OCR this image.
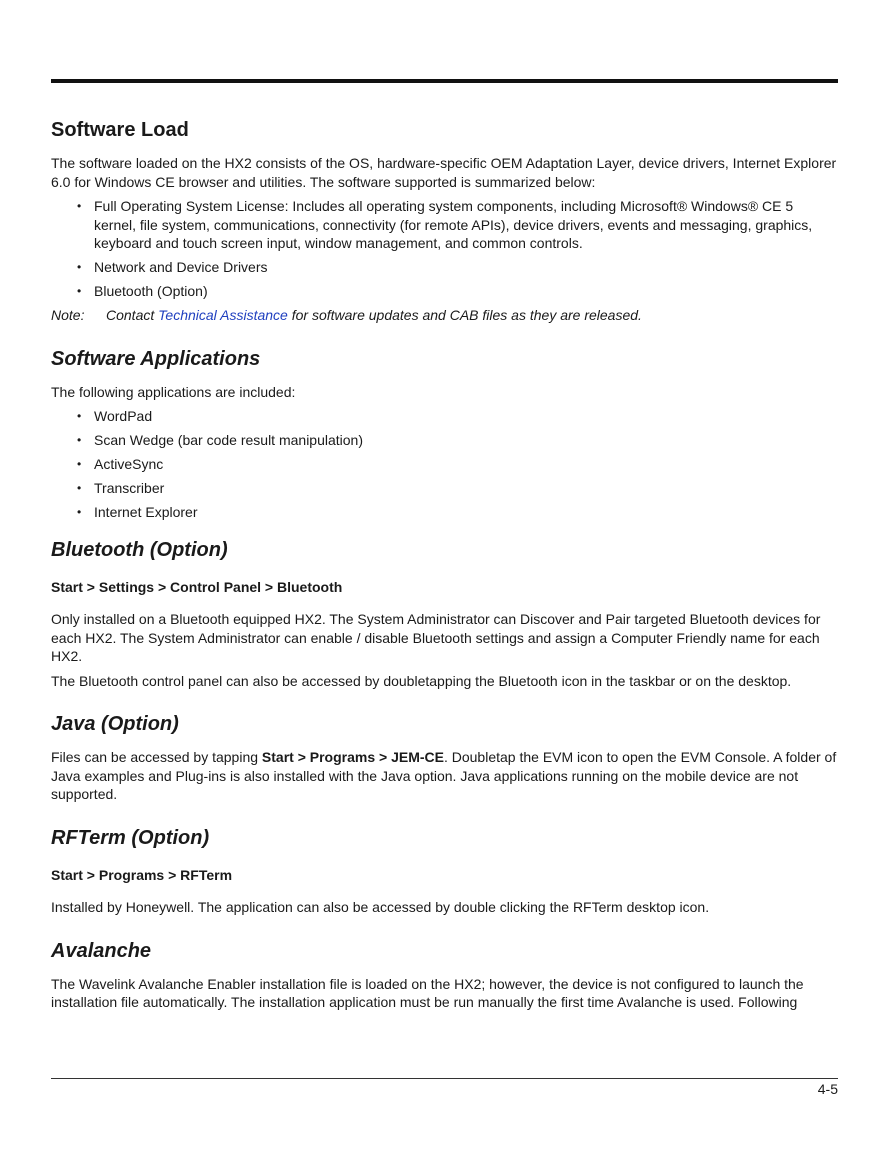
Software Load

The software loaded on the HX2 consists of the OS, hardware-specific OEM Adaptation Layer, device drivers, Internet Explorer 6.0 for Windows CE browser and utilities. The software supported is summarized below:

• Full Operating System License: Includes all operating system components, including Microsoft® Windows® CE 5 kernel, file system, communications, connectivity (for remote APIs), device drivers, events and messaging, graphics, keyboard and touch screen input, window management, and common controls.
• Network and Device Drivers
• Bluetooth (Option)
Note: Contact Technical Assistance for software updates and CAB files as they are released.
Software Applications

The following applications are included:

• WordPad
• Scan Wedge (bar code result manipulation)
• ActiveSync
• Transcriber
• Internet Explorer
Bluetooth (Option)

Start > Settings > Control Panel > Bluetooth

Only installed on a Bluetooth equipped HX2. The System Administrator can Discover and Pair targeted Bluetooth devices for each HX2. The System Administrator can enable / disable Bluetooth settings and assign a Computer Friendly name for each HX2.

The Bluetooth control panel can also be accessed by doubletapping the Bluetooth icon in the taskbar or on the desktop.

Java (Option)

Files can be accessed by tapping Start > Programs > JEM-CE. Doubletap the EVM icon to open the EVM Console. A folder of Java examples and Plug-ins is also installed with the Java option. Java applications running on the mobile device are not supported.

RFTerm (Option)

Start > Programs > RFTerm

Installed by Honeywell. The application can also be accessed by double clicking the RFTerm desktop icon.

Avalanche

The Wavelink Avalanche Enabler installation file is loaded on the HX2; however, the device is not configured to launch the installation file automatically. The installation application must be run manually the first time Avalanche is used. Following

4-5
